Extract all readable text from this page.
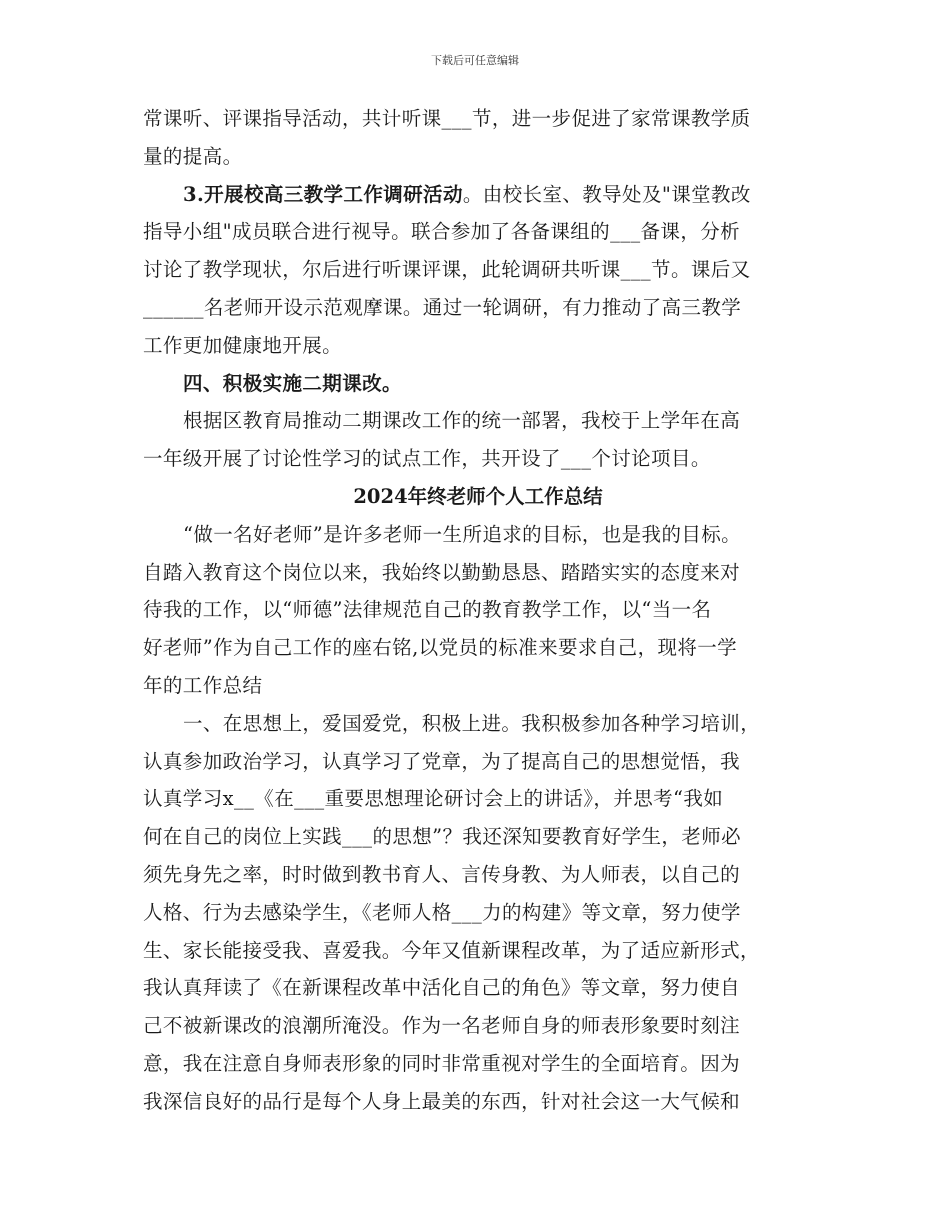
下载后可任意编辑
常课听、评课指导活动，共计听课___节，进一步促进了家常课教学质
量的提高。
3.开展校高三教学工作调研活动。由校长室、教导处及"课堂教改
指导小组"成员联合进行视导。联合参加了各备课组的___备课，分析
讨论了教学现状，尔后进行听课评课，此轮调研共听课___节。课后又
______名老师开设示范观摩课。通过一轮调研，有力推动了高三教学
工作更加健康地开展。
四、积极实施二期课改。
根据区教育局推动二期课改工作的统一部署，我校于上学年在高
一年级开展了讨论性学习的试点工作，共开设了___个讨论项目。
2024年终老师个人工作总结
“做一名好老师”是许多老师一生所追求的目标，也是我的目标。
自踏入教育这个岗位以来，我始终以勤勤恳恳、踏踏实实的态度来对
待我的工作，以“师德”法律规范自己的教育教学工作，以“当一名
好老师”作为自己工作的座右铭,以党员的标准来要求自己，现将一学
年的工作总结
一、在思想上，爱国爱党，积极上进。我积极参加各种学习培训，
认真参加政治学习，认真学习了党章，为了提高自己的思想觉悟，我
认真学习x__《在___重要思想理论研讨会上的讲话》，并思考“我如
何在自己的岗位上实践___的思想”？我还深知要教育好学生，老师必
须先身先之率，时时做到教书育人、言传身教、为人师表，以自己的
人格、行为去感染学生，《老师人格___力的构建》等文章，努力使学
生、家长能接受我、喜爱我。今年又值新课程改革，为了适应新形式，
我认真拜读了《在新课程改革中活化自己的角色》等文章，努力使自
己不被新课改的浪潮所淹没。作为一名老师自身的师表形象要时刻注
意，我在注意自身师表形象的同时非常重视对学生的全面培育。因为
我深信良好的品行是每个人身上最美的东西，针对社会这一大气候和
